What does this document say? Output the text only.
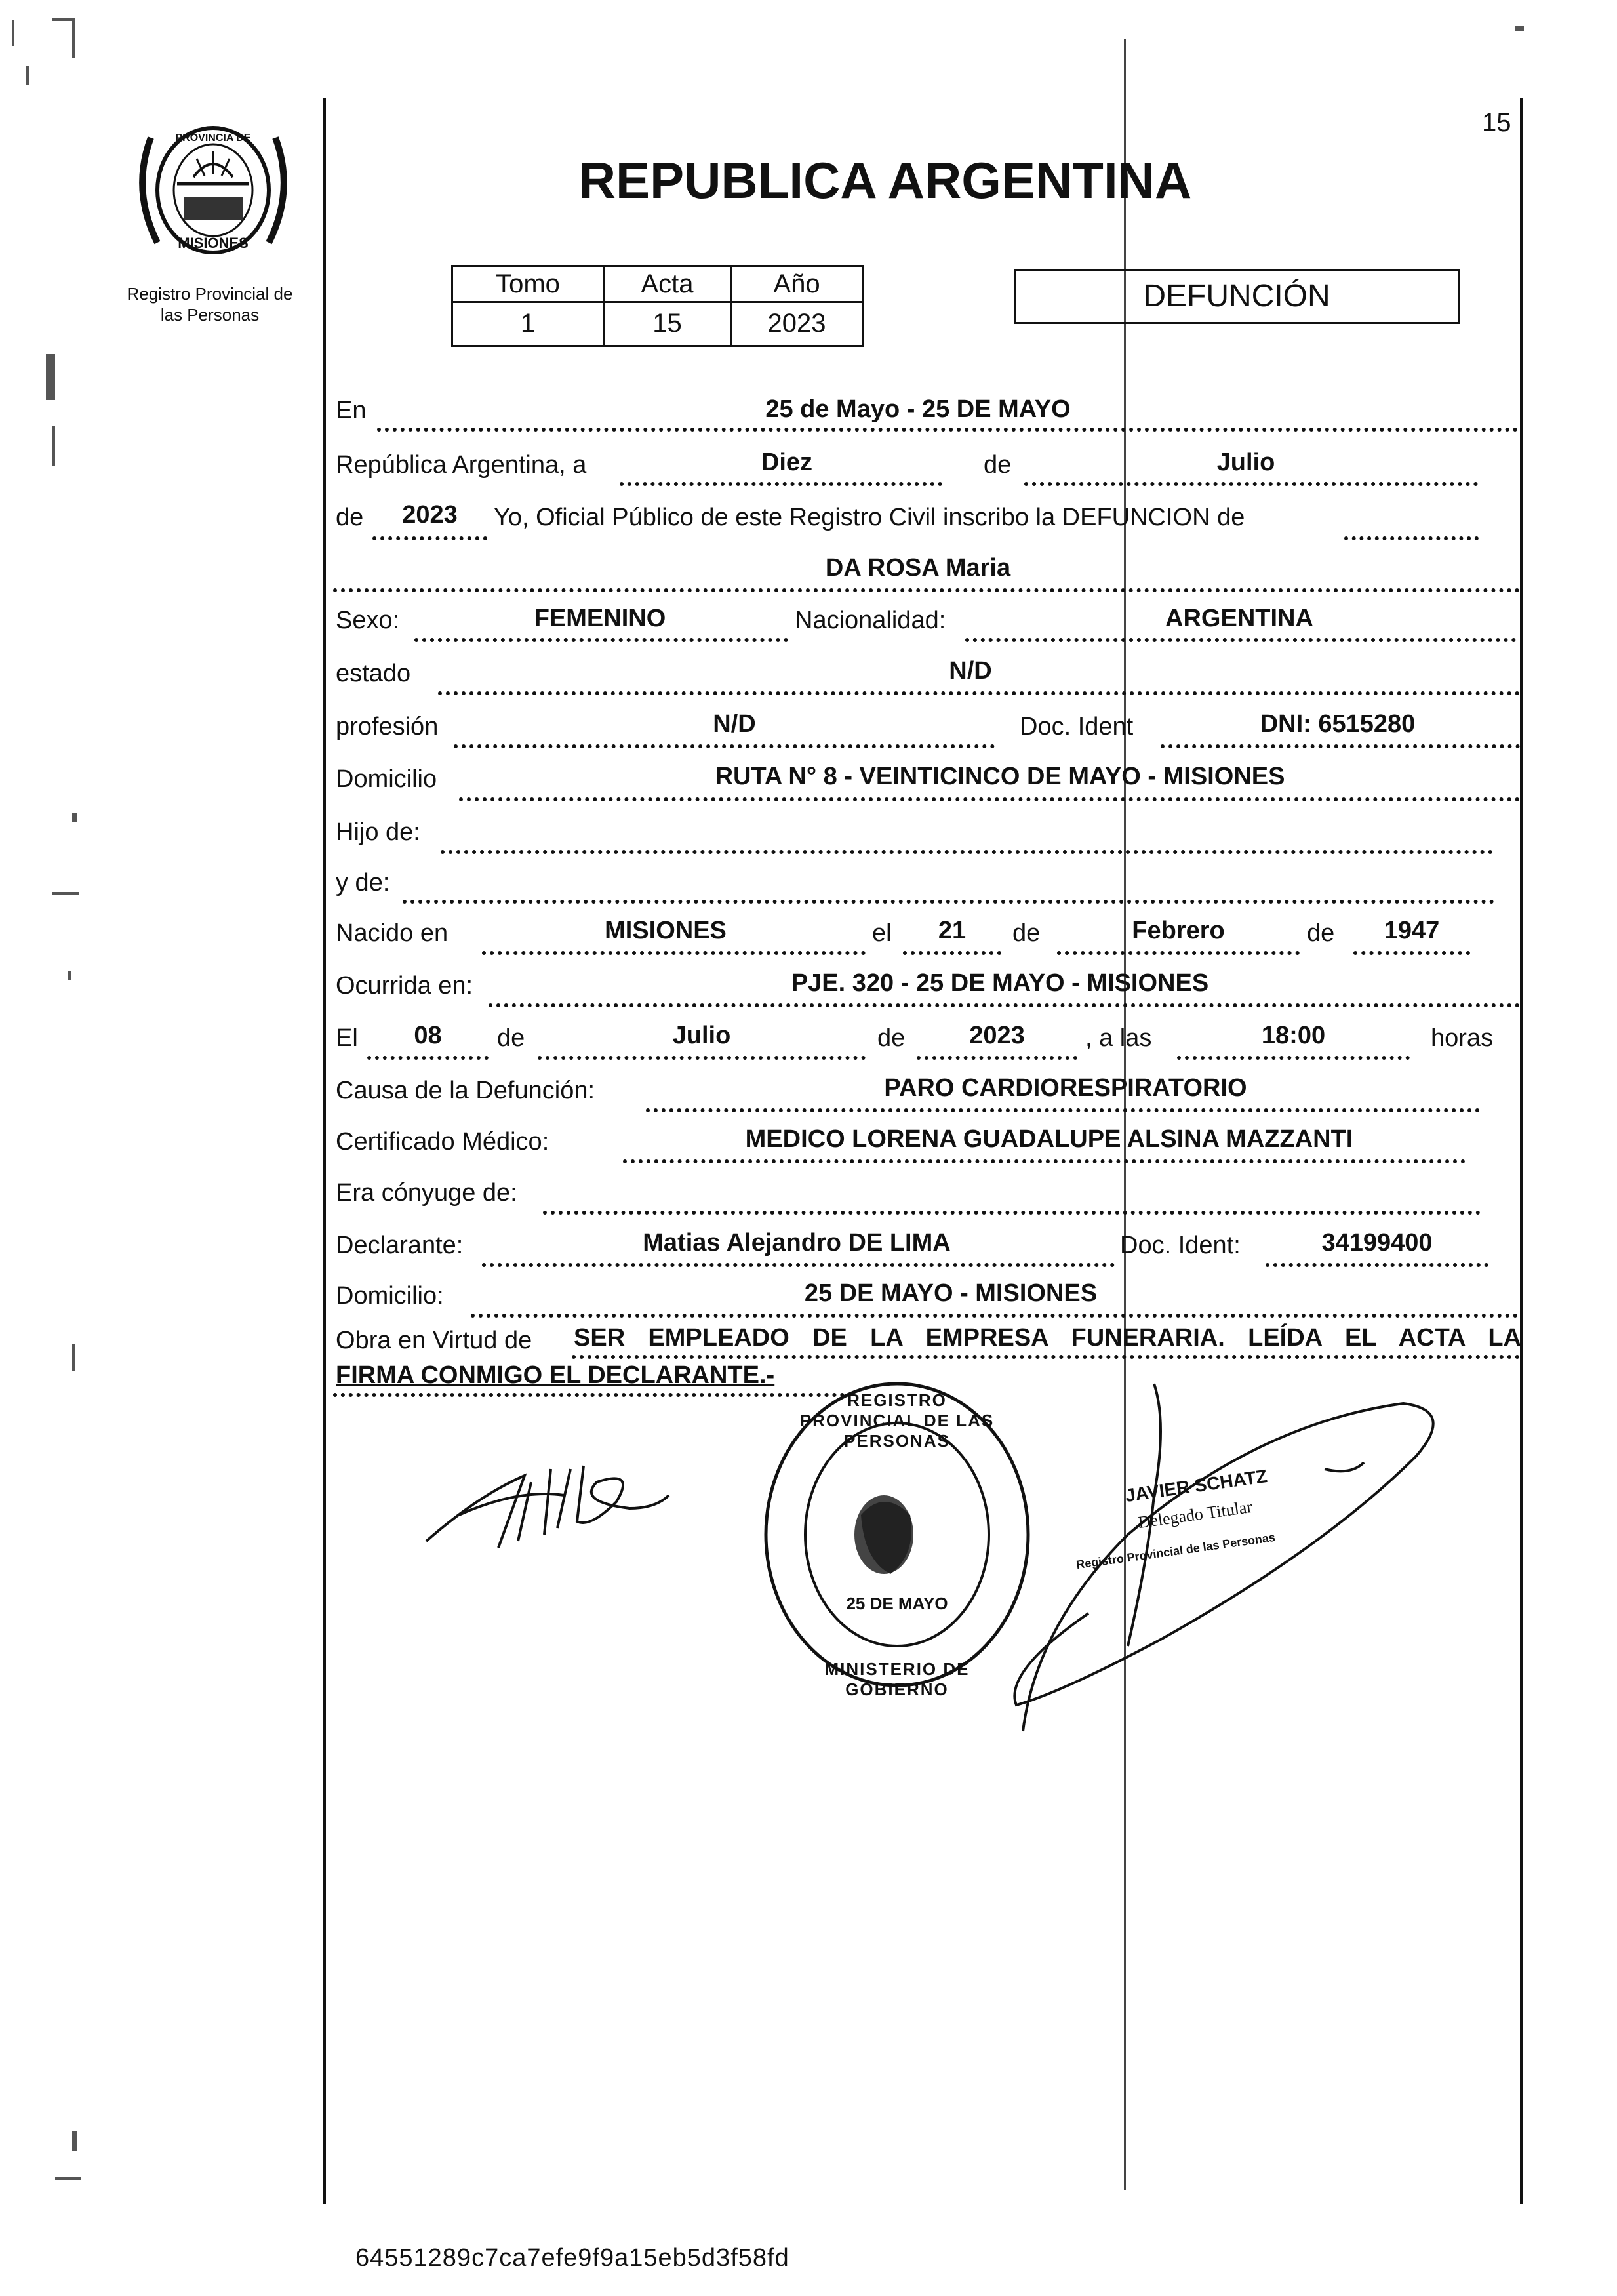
PROVINCIA DE
MISIONES
Registro Provincial de
las Personas
15
REPUBLICA ARGENTINA
Tomo	Acta	Año
1	15	2023
DEFUNCIÓN
En	25 de Mayo - 25 DE MAYO
República Argentina, a	Diez	de	Julio
de	2023	Yo, Oficial Público de este Registro Civil inscribo la DEFUNCION de
DA ROSA Maria
Sexo:	FEMENINO	Nacionalidad:	ARGENTINA
estado	N/D
profesión	N/D	Doc. Ident	DNI: 6515280
Domicilio	RUTA N° 8 - VEINTICINCO DE MAYO - MISIONES
Hijo de:
y de:
Nacido en	MISIONES	el	21	de	Febrero	de	1947
Ocurrida en:	PJE. 320 - 25 DE MAYO - MISIONES
El	08	de	Julio	de	2023	, a las	18:00	horas
Causa de la Defunción:	PARO CARDIORESPIRATORIO
Certificado Médico:	MEDICO LORENA GUADALUPE ALSINA MAZZANTI
Era cónyuge de:
Declarante:	Matias Alejandro DE LIMA	Doc. Ident:	34199400
Domicilio:	25 DE MAYO - MISIONES
Obra en Virtud de SER EMPLEADO DE LA EMPRESA FUNERARIA. LEÍDA EL ACTA LA
FIRMA CONMIGO EL DECLARANTE.-
REGISTRO PROVINCIAL DE LAS PERSONAS
25 DE MAYO
MINISTERIO DE GOBIERNO
JAVIER SCHATZ
Delegado Titular
Registro Provincial de las Personas
64551289c7ca7efe9f9a15eb5d3f58fd
